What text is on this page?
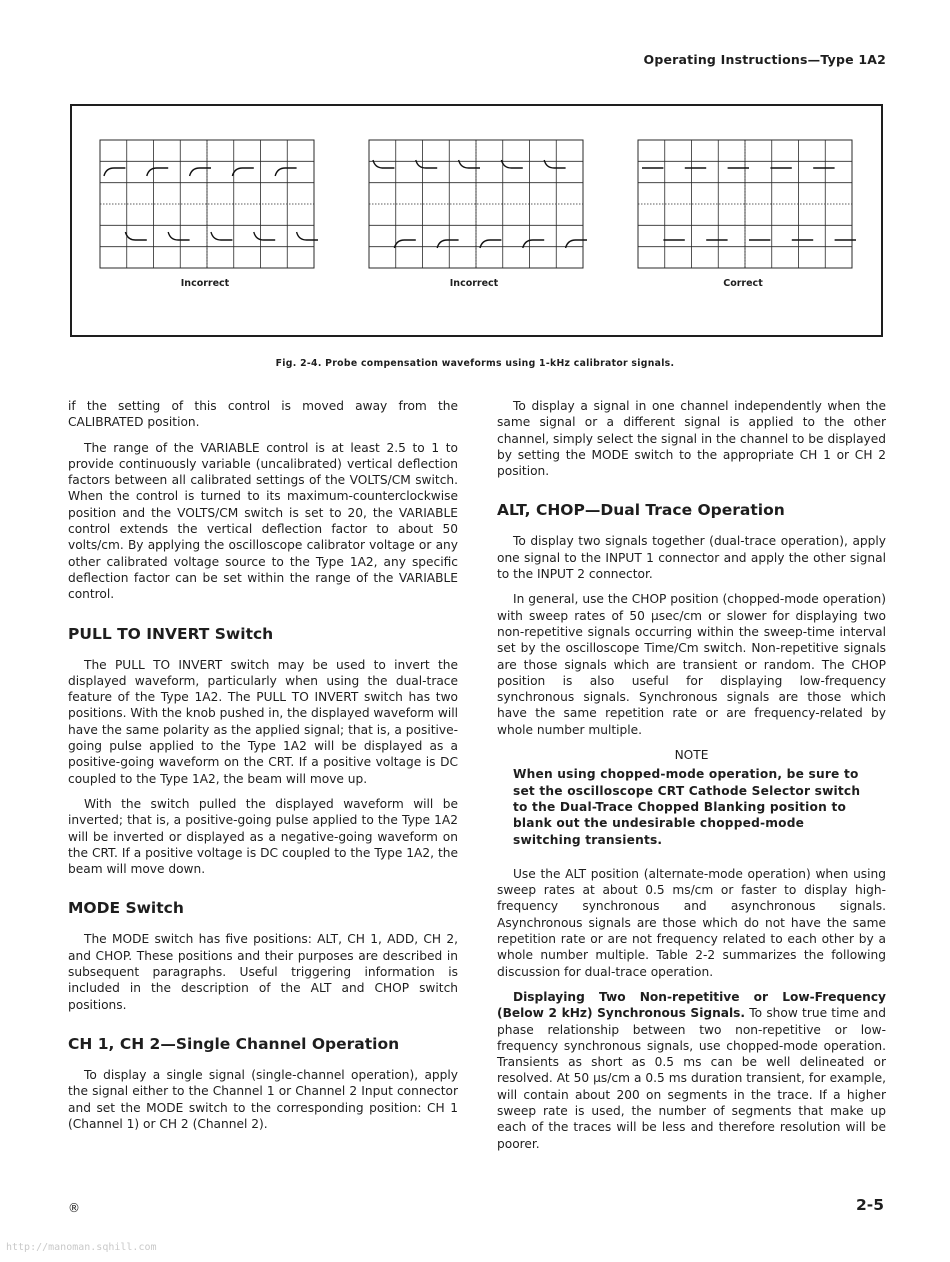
Operating Instructions—Type 1A2
Incorrect	Incorrect	Correct
Fig. 2-4. Probe compensation waveforms using 1-kHz calibrator signals.

if the setting of this control is moved away from the CALIBRATED position.

The range of the VARIABLE control is at least 2.5 to 1 to provide continuously variable (uncalibrated) vertical deflection factors between all calibrated settings of the VOLTS/CM switch. When the control is turned to its maximum-counterclockwise position and the VOLTS/CM switch is set to 20, the VARIABLE control extends the vertical deflection factor to about 50 volts/cm. By applying the oscilloscope calibrator voltage or any other calibrated voltage source to the Type 1A2, any specific deflection factor can be set within the range of the VARIABLE control.

PULL TO INVERT Switch

The PULL TO INVERT switch may be used to invert the displayed waveform, particularly when using the dual-trace feature of the Type 1A2. The PULL TO INVERT switch has two positions. With the knob pushed in, the displayed waveform will have the same polarity as the applied signal; that is, a positive-going pulse applied to the Type 1A2 will be displayed as a positive-going waveform on the CRT. If a positive voltage is DC coupled to the Type 1A2, the beam will move up.

With the switch pulled the displayed waveform will be inverted; that is, a positive-going pulse applied to the Type 1A2 will be inverted or displayed as a negative-going waveform on the CRT. If a positive voltage is DC coupled to the Type 1A2, the beam will move down.

MODE Switch

The MODE switch has five positions: ALT, CH 1, ADD, CH 2, and CHOP. These positions and their purposes are described in subsequent paragraphs. Useful triggering information is included in the description of the ALT and CHOP switch positions.

CH 1, CH 2—Single Channel Operation

To display a single signal (single-channel operation), apply the signal either to the Channel 1 or Channel 2 Input connector and set the MODE switch to the corresponding position: CH 1 (Channel 1) or CH 2 (Channel 2).

To display a signal in one channel independently when the same signal or a different signal is applied to the other channel, simply select the signal in the channel to be displayed by setting the MODE switch to the appropriate CH 1 or CH 2 position.

ALT, CHOP—Dual Trace Operation

To display two signals together (dual-trace operation), apply one signal to the INPUT 1 connector and apply the other signal to the INPUT 2 connector.

In general, use the CHOP position (chopped-mode operation) with sweep rates of 50 μsec/cm or slower for displaying two non-repetitive signals occurring within the sweep-time interval set by the oscilloscope Time/Cm switch. Non-repetitive signals are those signals which are transient or random. The CHOP position is also useful for displaying low-frequency synchronous signals. Synchronous signals are those which have the same repetition rate or are frequency-related by whole number multiple.

NOTE
When using chopped-mode operation, be sure to set the oscilloscope CRT Cathode Selector switch to the Dual-Trace Chopped Blanking position to blank out the undesirable chopped-mode switching transients.

Use the ALT position (alternate-mode operation) when using sweep rates at about 0.5 ms/cm or faster to display high-frequency synchronous and asynchronous signals. Asynchronous signals are those which do not have the same repetition rate or are not frequency related to each other by a whole number multiple. Table 2-2 summarizes the following discussion for dual-trace operation.

Displaying Two Non-repetitive or Low-Frequency (Below 2 kHz) Synchronous Signals. To show true time and phase relationship between two non-repetitive or low-frequency synchronous signals, use chopped-mode operation. Transients as short as 0.5 ms can be well delineated or resolved. At 50 μs/cm a 0.5 ms duration transient, for example, will contain about 200 on segments in the trace. If a higher sweep rate is used, the number of segments that make up each of the traces will be less and therefore resolution will be poorer.

®	2-5
http://manoman.sqhill.com
